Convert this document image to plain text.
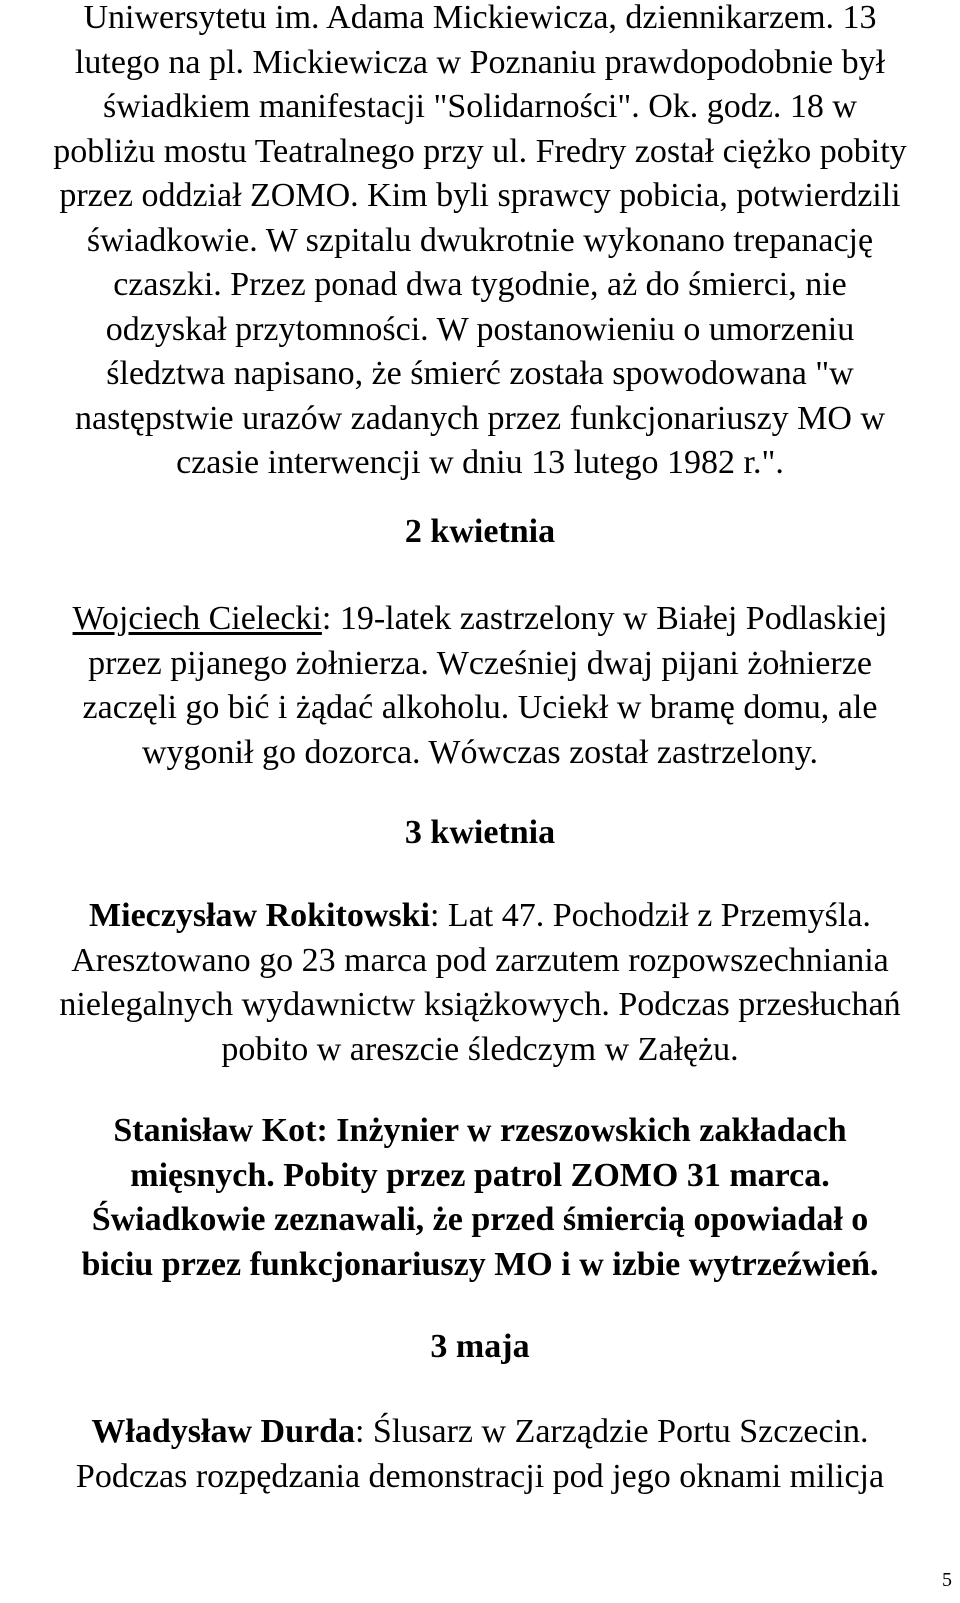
Uniwersytetu im. Adama Mickiewicza, dziennikarzem. 13
lutego na pl. Mickiewicza w Poznaniu prawdopodobnie był
świadkiem manifestacji "Solidarności". Ok. godz. 18 w
pobliżu mostu Teatralnego przy ul. Fredry został ciężko pobity
przez oddział ZOMO. Kim byli sprawcy pobicia, potwierdzili
świadkowie. W szpitalu dwukrotnie wykonano trepanację
czaszki. Przez ponad dwa tygodnie, aż do śmierci, nie
odzyskał przytomności. W postanowieniu o umorzeniu
śledztwa napisano, że śmierć została spowodowana "w
następstwie urazów zadanych przez funkcjonariuszy MO w
czasie interwencji w dniu 13 lutego 1982 r.".
2 kwietnia
Wojciech Cielecki: 19-latek zastrzelony w Białej Podlaskiej
przez pijanego żołnierza. Wcześniej dwaj pijani żołnierze
zaczęli go bić i żądać alkoholu. Uciekł w bramę domu, ale
wygonił go dozorca. Wówczas został zastrzelony.
3 kwietnia
Mieczysław Rokitowski: Lat 47. Pochodził z Przemyśla.
Aresztowano go 23 marca pod zarzutem rozpowszechniania
nielegalnych wydawnictw książkowych. Podczas przesłuchań
pobito w areszcie śledczym w Załężu.
Stanisław Kot: Inżynier w rzeszowskich zakładach
mięsnych. Pobity przez patrol ZOMO 31 marca.
Świadkowie zeznawali, że przed śmiercią opowiadał o
biciu przez funkcjonariuszy MO i w izbie wytrzeźwień.
3 maja
Władysław Durda: Ślusarz w Zarządzie Portu Szczecin.
Podczas rozpędzania demonstracji pod jego oknami milicja
5
